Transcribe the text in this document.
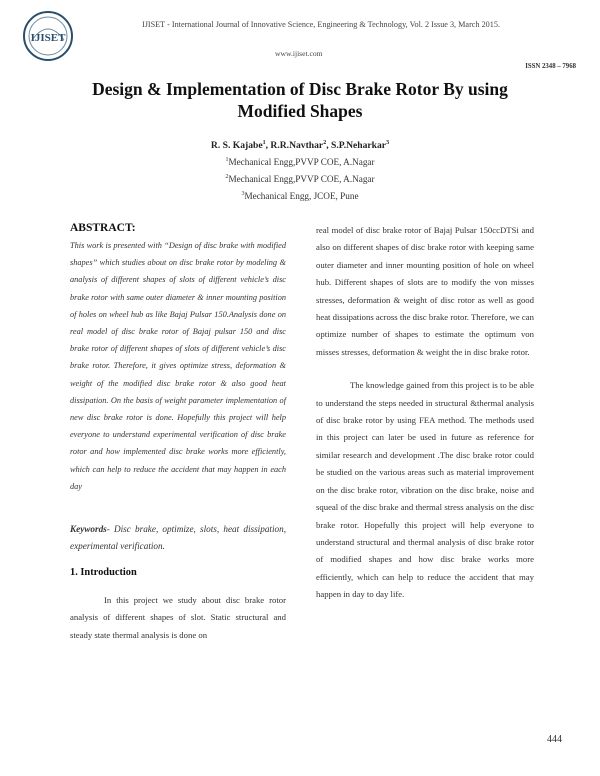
IJISET
IJISET - International Journal of Innovative Science, Engineering & Technology, Vol. 2 Issue 3, March 2015.
www.ijiset.com
ISSN 2348 – 7968
Design & Implementation of Disc Brake Rotor By using Modified Shapes
R. S. Kajabe$^1$, R.R.Navthar$^2$, S.P.Neharkar$^3$
$^1$Mechanical Engg,PVVP COE, A.Nagar
$^2$Mechanical Engg,PVVP COE, A.Nagar
$^3$Mechanical Engg, JCOE, Pune
ABSTRACT:

This work is presented with “Design of disc brake with modified shapes” which studies about on disc brake rotor by modeling & analysis of different shapes of slots of different vehicle’s disc brake rotor with same outer diameter & inner mounting position of holes on wheel hub as like Bajaj Pulsar 150.Analysis done on real model of disc brake rotor of Bajaj pulsar 150 and disc brake rotor of different shapes of slots of different vehicle’s disc brake rotor. Therefore, it gives optimize stress, deformation & weight of the modified disc brake rotor & also good heat dissipation. On the basis of weight parameter implementation of new disc brake rotor is done. Hopefully this project will help everyone to understand experimental verification of disc brake rotor and how implemented disc brake works more efficiently, which can help to reduce the accident that may happen in each day

Keywords- Disc brake, optimize, slots, heat dissipation, experimental verification.
1. Introduction

In this project we study about disc brake rotor analysis of different shapes of slot. Static structural and steady state thermal analysis is done on

real model of disc brake rotor of Bajaj Pulsar 150ccDTSi and also on different shapes of disc brake rotor with keeping same outer diameter and inner mounting position of hole on wheel hub. Different shapes of slots are to modify the von misses stresses, deformation & weight of disc rotor as well as good heat dissipations across the disc brake rotor. Therefore, we can optimize number of shapes to estimate the optimum von misses stresses, deformation & weight the in disc brake rotor.

The knowledge gained from this project is to be able to understand the steps needed in structural &thermal analysis of disc brake rotor by using FEA method. The methods used in this project can later be used in future as reference for similar research and development .The disc brake rotor could be studied on the various areas such as material improvement on the disc brake rotor, vibration on the disc brake, noise and squeal of the disc brake and thermal stress analysis on the disc brake rotor. Hopefully this project will help everyone to understand structural and thermal analysis of disc brake rotor of modified shapes and how disc brake works more efficiently, which can help to reduce the accident that may happen in day to day life.

444
